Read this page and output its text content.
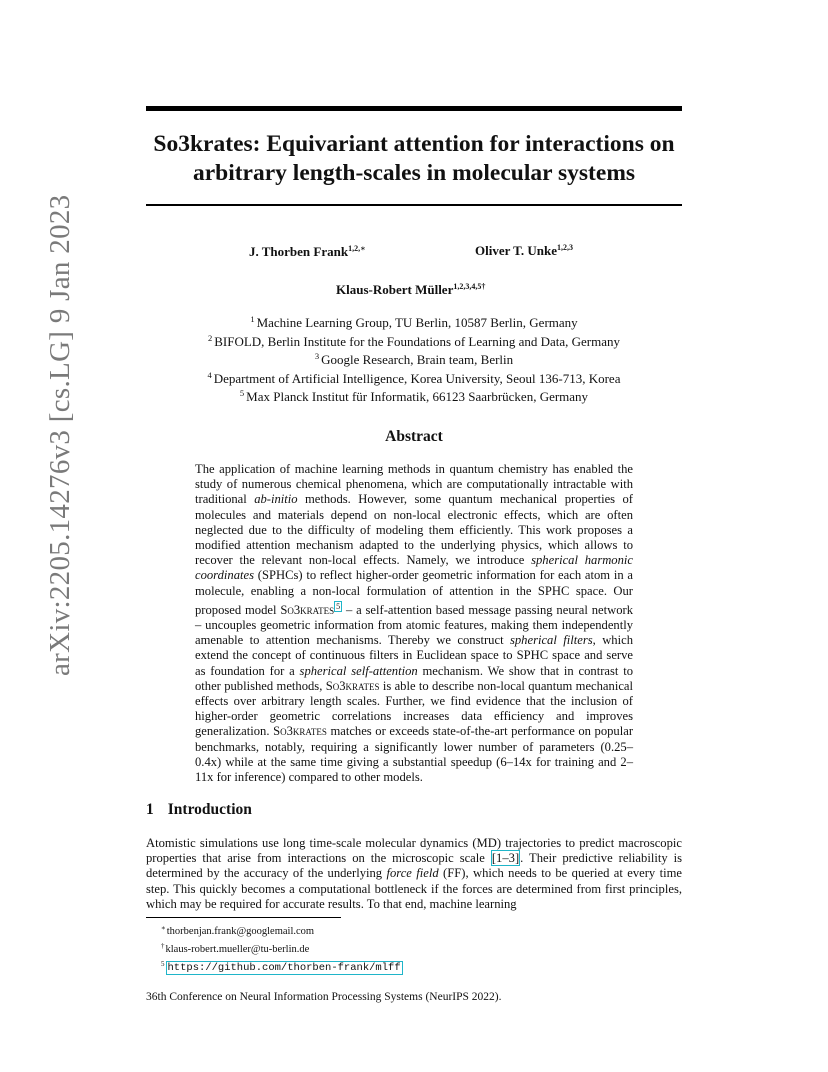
arXiv:2205.14276v3 [cs.LG] 9 Jan 2023
So3krates: Equivariant attention for interactions on arbitrary length-scales in molecular systems
J. Thorben Frank$^{1,2,∗}$	Oliver T. Unke$^{1,2,3}$
Klaus-Robert Müller$^{1,2,3,4,5\dagger}$
$^1$ Machine Learning Group, TU Berlin, 10587 Berlin, Germany
$^2$ BIFOLD, Berlin Institute for the Foundations of Learning and Data, Germany
$^3$ Google Research, Brain team, Berlin
$^4$ Department of Artificial Intelligence, Korea University, Seoul 136-713, Korea
$^5$ Max Planck Institut für Informatik, 66123 Saarbrücken, Germany
Abstract

The application of machine learning methods in quantum chemistry has enabled the study of numerous chemical phenomena, which are computationally intractable with traditional ab-initio methods. However, some quantum mechanical properties of molecules and materials depend on non-local electronic effects, which are often neglected due to the difficulty of modeling them efficiently. This work proposes a modified attention mechanism adapted to the underlying physics, which allows to recover the relevant non-local effects. Namely, we introduce spherical harmonic coordinates (SPHCs) to reflect higher-order geometric information for each atom in a molecule, enabling a non-local formulation of attention in the SPHC space. Our proposed model So3krates $^5$ – a self-attention based message passing neural network – uncouples geometric information from atomic features, making them independently amenable to attention mechanisms. Thereby we construct spherical filters, which extend the concept of continuous filters in Euclidean space to SPHC space and serve as foundation for a spherical self-attention mechanism. We show that in contrast to other published methods, So3krates is able to describe non-local quantum mechanical effects over arbitrary length scales. Further, we find evidence that the inclusion of higher-order geometric correlations increases data efficiency and improves generalization. So3krates matches or exceeds state-of-the-art performance on popular benchmarks, notably, requiring a significantly lower number of parameters (0.25–0.4x) while at the same time giving a substantial speedup (6–14x for training and 2–11x for inference) compared to other models.

1 Introduction

Atomistic simulations use long time-scale molecular dynamics (MD) trajectories to predict macroscopic properties that arise from interactions on the microscopic scale [1–3]. Their predictive reliability is determined by the accuracy of the underlying force field (FF), which needs to be queried at every time step. This quickly becomes a computational bottleneck if the forces are determined from first principles, which may be required for accurate results. To that end, machine learning

∗thorbenjan.frank@googlemail.com
†klaus-robert.mueller@tu-berlin.de
$^5$ https://github.com/thorben-frank/mlff
36th Conference on Neural Information Processing Systems (NeurIPS 2022).
